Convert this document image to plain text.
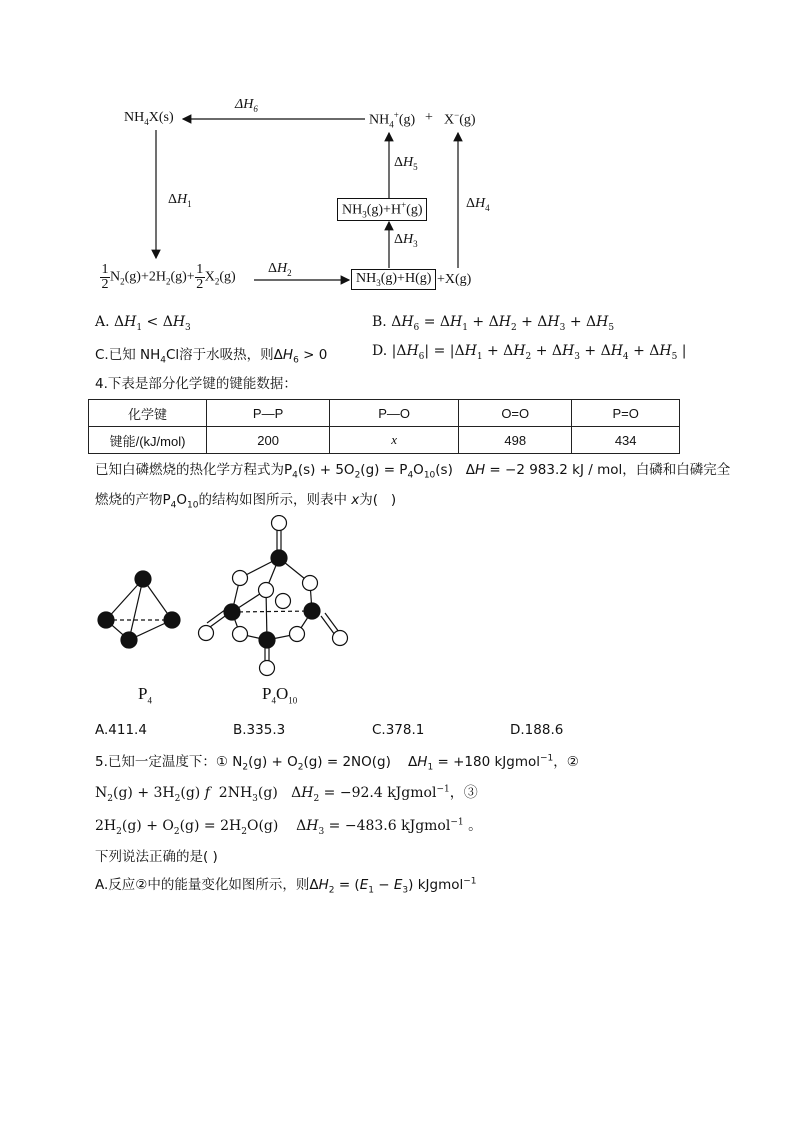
$NH_4X(s)$
$\Delta H_6$
$NH_4^+(g) + X^-(g)$
$\Delta H_1$
$\Delta H_5$
$\Delta H_4$
$\Delta H_3$
$\Delta H_2$
$NH_3(g)+H^+(g)$
$NH_3(g)+H(g) +X(g)$
1
2 $N_2(g)+2H_2(g)+1$
2 $X_2(g)$
A. $\Delta H_1 < \Delta H_3$	B. $\Delta H_6 = \Delta H_1 + \Delta H_2 + \Delta H_3 + \Delta H_5$
C.已知 $NH_4Cl$溶于水吸热，则$\Delta H_6 > 0$	D. $|\Delta H_6| = |\Delta H_1 + \Delta H_2 + \Delta H_3 + \Delta H_4 + \Delta H_5$ |
4.下表是部分化学键的键能数据：
化学键	P—P	P—O	O=O	P=O
键能/(kJ/mol)	200	x	498	434
已知白磷燃烧的热化学方程式为$P_4(s) + 5O_2(g) = P_4O_{10}(s) \Delta H = -2$ 983.2 kJ / mol，白磷和白磷完全
燃烧的产物$P_4O_{10}$的结构如图所示，则表中 x为(   )
$P_4$	$P_4O_{10}$
A.411.4	B.335.3	C.378.1	D.188.6
5.已知一定温度下：① $N_2(g) + O_2(g) = 2NO(g)$    $\Delta H_1 = +180$ kJgmol$^{-1}$，②
$N_2(g) + 3H_2(g)$ f  $2NH_3(g) \Delta H_2 = -92.4$ kJgmol$^{-1}$，③
$2H_2(g) + O_2(g) = 2H_2O(g)$    $\Delta H_3 = -483.6$ kJgmol$^{-1}$ 。
下列说法正确的是( )
A.反应②中的能量变化如图所示，则$\Delta H_2 = (E_1 - E_3)$ kJgmol$^{-1}$
